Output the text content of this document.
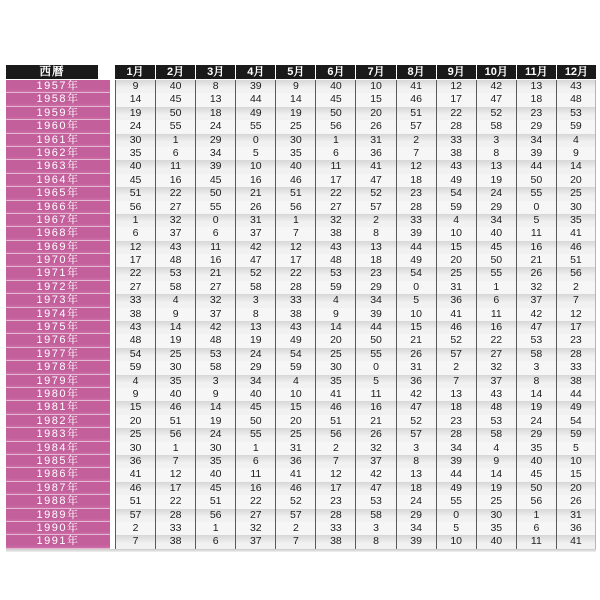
西暦	1月	2月	3月	4月	5月	6月	7月	8月	9月	10月	11月	12月
1957年	9	40	8	39	9	40	10	41	12	42	13	43
1958年	14	45	13	44	14	45	15	46	17	47	18	48
1959年	19	50	18	49	19	50	20	51	22	52	23	53
1960年	24	55	24	55	25	56	26	57	28	58	29	59
1961年	30	1	29	0	30	1	31	2	33	3	34	4
1962年	35	6	34	5	35	6	36	7	38	8	39	9
1963年	40	11	39	10	40	11	41	12	43	13	44	14
1964年	45	16	45	16	46	17	47	18	49	19	50	20
1965年	51	22	50	21	51	22	52	23	54	24	55	25
1966年	56	27	55	26	56	27	57	28	59	29	0	30
1967年	1	32	0	31	1	32	2	33	4	34	5	35
1968年	6	37	6	37	7	38	8	39	10	40	11	41
1969年	12	43	11	42	12	43	13	44	15	45	16	46
1970年	17	48	16	47	17	48	18	49	20	50	21	51
1971年	22	53	21	52	22	53	23	54	25	55	26	56
1972年	27	58	27	58	28	59	29	0	31	1	32	2
1973年	33	4	32	3	33	4	34	5	36	6	37	7
1974年	38	9	37	8	38	9	39	10	41	11	42	12
1975年	43	14	42	13	43	14	44	15	46	16	47	17
1976年	48	19	48	19	49	20	50	21	52	22	53	23
1977年	54	25	53	24	54	25	55	26	57	27	58	28
1978年	59	30	58	29	59	30	0	31	2	32	3	33
1979年	4	35	3	34	4	35	5	36	7	37	8	38
1980年	9	40	9	40	10	41	11	42	13	43	14	44
1981年	15	46	14	45	15	46	16	47	18	48	19	49
1982年	20	51	19	50	20	51	21	52	23	53	24	54
1983年	25	56	24	55	25	56	26	57	28	58	29	59
1984年	30	1	30	1	31	2	32	3	34	4	35	5
1985年	36	7	35	6	36	7	37	8	39	9	40	10
1986年	41	12	40	11	41	12	42	13	44	14	45	15
1987年	46	17	45	16	46	17	47	18	49	19	50	20
1988年	51	22	51	22	52	23	53	24	55	25	56	26
1989年	57	28	56	27	57	28	58	29	0	30	1	31
1990年	2	33	1	32	2	33	3	34	5	35	6	36
1991年	7	38	6	37	7	38	8	39	10	40	11	41
